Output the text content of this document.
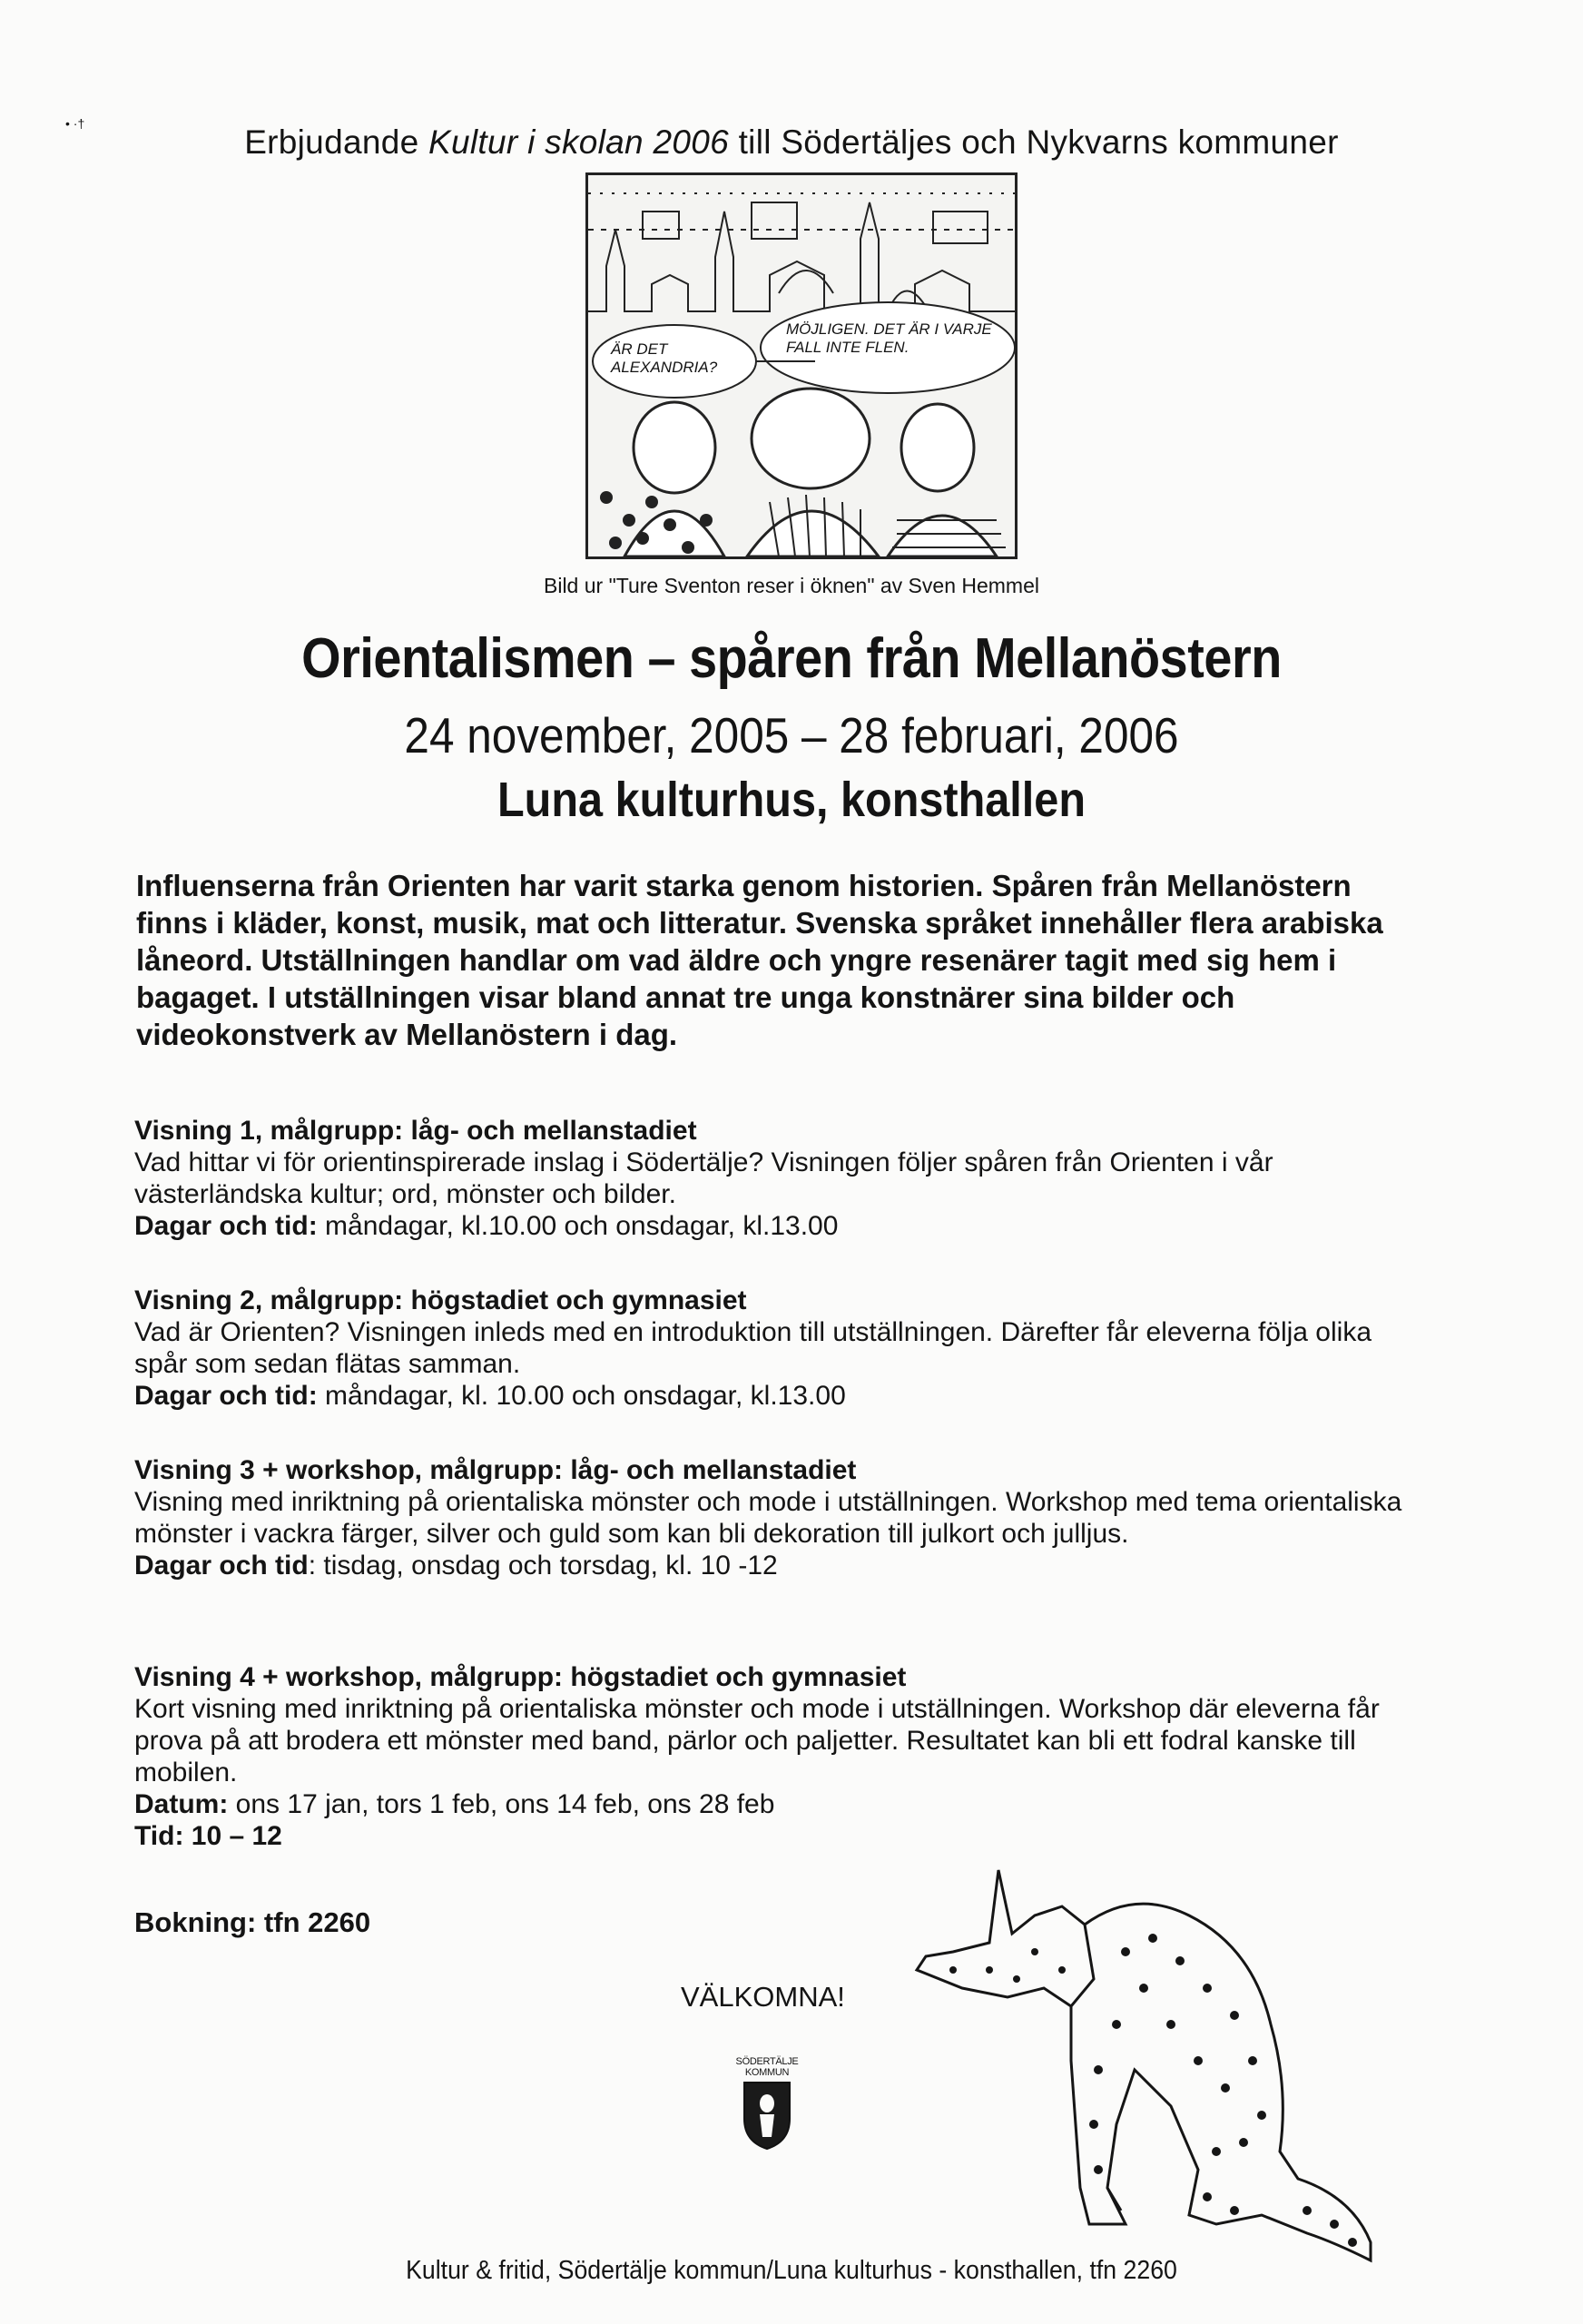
• ·†	Erbjudande Kultur i skolan 2006 till Södertäljes och Nykvarns kommuner
ÄR DET ALEXANDRIA?
MÖJLIGEN. DET ÄR I VARJE FALL INTE FLEN.
Bild ur "Ture Sventon reser i öknen" av Sven Hemmel
Orientalismen – spåren från Mellanöstern
24 november, 2005 – 28 februari, 2006
Luna kulturhus, konsthallen
Influenserna från Orienten har varit starka genom historien. Spåren från Mellanöstern finns i kläder, konst, musik, mat och litteratur. Svenska språket innehåller flera arabiska låneord. Utställningen handlar om vad äldre och yngre resenärer tagit med sig hem i bagaget. I utställningen visar bland annat tre unga konstnärer sina bilder och videokonstverk av Mellanöstern i dag.
Visning 1, målgrupp: låg- och mellanstadiet
Vad hittar vi för orientinspirerade inslag i Södertälje? Visningen följer spåren från Orienten i vår västerländska kultur; ord, mönster och bilder.
Dagar och tid: måndagar, kl.10.00 och onsdagar, kl.13.00
Visning 2, målgrupp: högstadiet och gymnasiet
Vad är Orienten? Visningen inleds med en introduktion till utställningen. Därefter får eleverna följa olika spår som sedan flätas samman.
Dagar och tid: måndagar, kl. 10.00 och onsdagar, kl.13.00
Visning 3 + workshop, målgrupp: låg- och mellanstadiet
Visning med inriktning på orientaliska mönster och mode i utställningen. Workshop med tema orientaliska mönster i vackra färger, silver och guld som kan bli dekoration till julkort och julljus.
Dagar och tid: tisdag, onsdag och torsdag, kl. 10 -12
Visning 4 + workshop, målgrupp: högstadiet och gymnasiet
Kort visning med inriktning på orientaliska mönster och mode i utställningen. Workshop där eleverna får prova på att brodera ett mönster med band, pärlor och paljetter. Resultatet kan bli ett fodral kanske till mobilen.
Datum: ons 17 jan, tors 1 feb, ons 14 feb, ons 28 feb
Tid: 10 – 12
Bokning: tfn 2260
VÄLKOMNA!
SÖDERTÄLJE KOMMUN
Kultur & fritid, Södertälje kommun/Luna kulturhus - konsthallen, tfn 2260
